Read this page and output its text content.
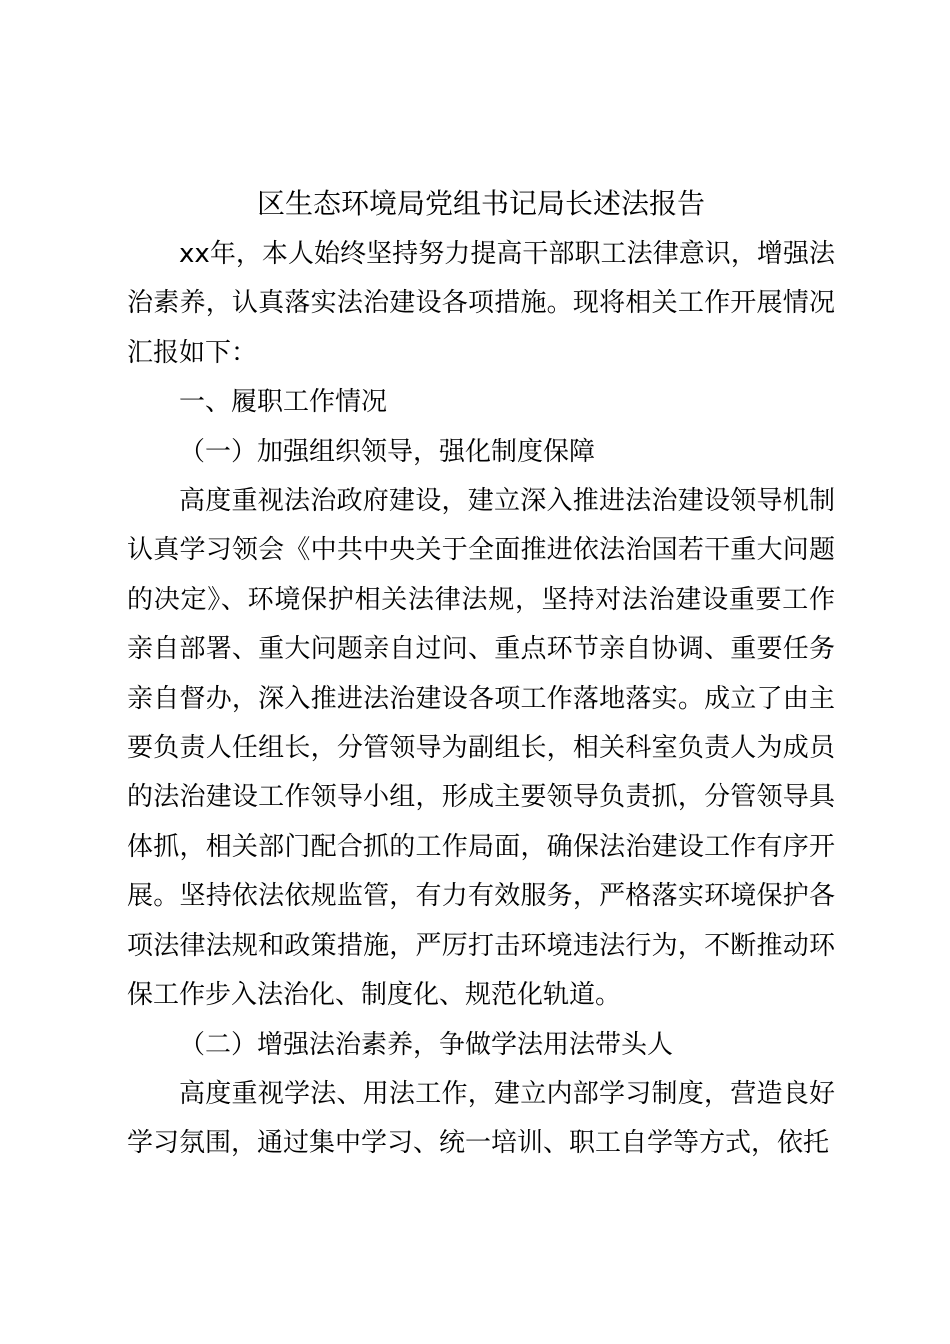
区生态环境局党组书记局长述法报告

xx年，本人始终坚持努力提高干部职工法律意识，增强法治素养，认真落实法治建设各项措施。现将相关工作开展情况汇报如下：

一、履职工作情况

（一）加强组织领导，强化制度保障

高度重视法治政府建设，建立深入推进法治建设领导机制认真学习领会《中共中央关于全面推进依法治国若干重大问题的决定》、环境保护相关法律法规，坚持对法治建设重要工作亲自部署、重大问题亲自过问、重点环节亲自协调、重要任务亲自督办，深入推进法治建设各项工作落地落实。成立了由主要负责人任组长，分管领导为副组长，相关科室负责人为成员的法治建设工作领导小组，形成主要领导负责抓，分管领导具体抓，相关部门配合抓的工作局面，确保法治建设工作有序开展。坚持依法依规监管，有力有效服务，严格落实环境保护各项法律法规和政策措施，严厉打击环境违法行为，不断推动环保工作步入法治化、制度化、规范化轨道。

（二）增强法治素养，争做学法用法带头人

高度重视学法、用法工作，建立内部学习制度，营造良好学习氛围，通过集中学习、统一培训、职工自学等方式，依托
